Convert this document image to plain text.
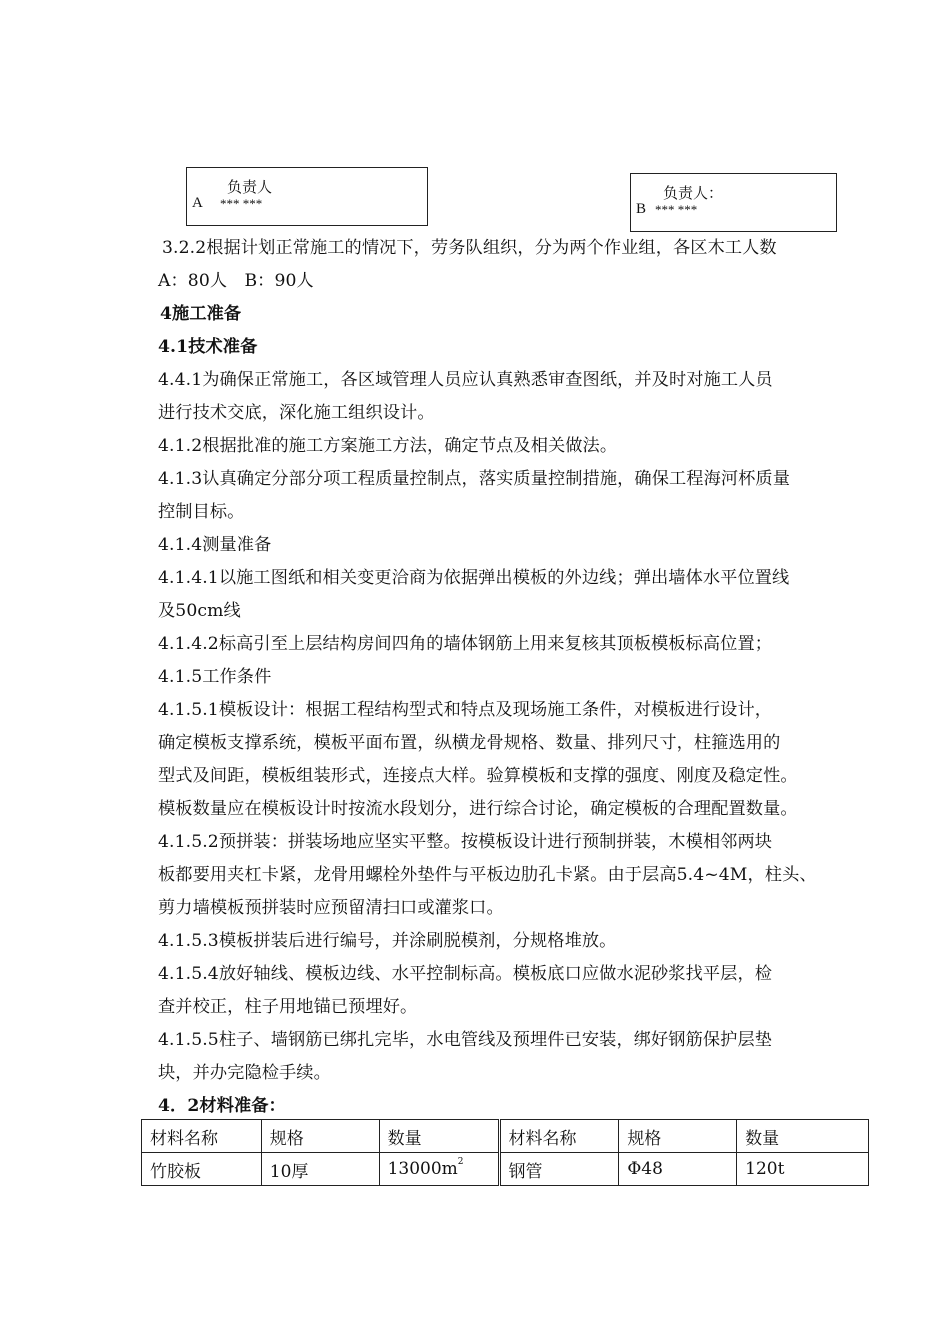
负责人
A *** ***
负责人：
B *** ***
3.2.2根据计划正常施工的情况下，劳务队组织，分为两个作业组，各区木工人数
A：80人　B：90人
4施工准备
4.1技术准备
4.4.1为确保正常施工，各区域管理人员应认真熟悉审查图纸，并及时对施工人员
进行技术交底，深化施工组织设计。
4.1.2根据批准的施工方案施工方法，确定节点及相关做法。
4.1.3认真确定分部分项工程质量控制点，落实质量控制措施，确保工程海河杯质量
控制目标。
4.1.4测量准备
4.1.4.1以施工图纸和相关变更洽商为依据弹出模板的外边线；弹出墙体水平位置线
及50cm线
4.1.4.2标高引至上层结构房间四角的墙体钢筋上用来复核其顶板模板标高位置；
4.1.5工作条件
4.1.5.1模板设计：根据工程结构型式和特点及现场施工条件，对模板进行设计，
确定模板支撑系统，模板平面布置，纵横龙骨规格、数量、排列尺寸，柱箍选用的
型式及间距，模板组装形式，连接点大样。验算模板和支撑的强度、刚度及稳定性。
模板数量应在模板设计时按流水段划分，进行综合讨论，确定模板的合理配置数量。
4.1.5.2预拼装：拼装场地应坚实平整。按模板设计进行预制拼装，木模相邻两块
板都要用夹杠卡紧，龙骨用螺栓外垫件与平板边肋孔卡紧。由于层高5.4~4M，柱头、
剪力墙模板预拼装时应预留清扫口或灌浆口。
4.1.5.3模板拼装后进行编号，并涂刷脱模剂，分规格堆放。
4.1.5.4放好轴线、模板边线、水平控制标高。模板底口应做水泥砂浆找平层，检
查并校正，柱子用地锚已预埋好。
4.1.5.5柱子、墙钢筋已绑扎完毕，水电管线及预埋件已安装，绑好钢筋保护层垫
块，并办完隐检手续。
4．2材料准备：
材料名称	规格	数量	材料名称	规格	数量
竹胶板	10厚	$13000m^2$	钢管	Φ48	120t
